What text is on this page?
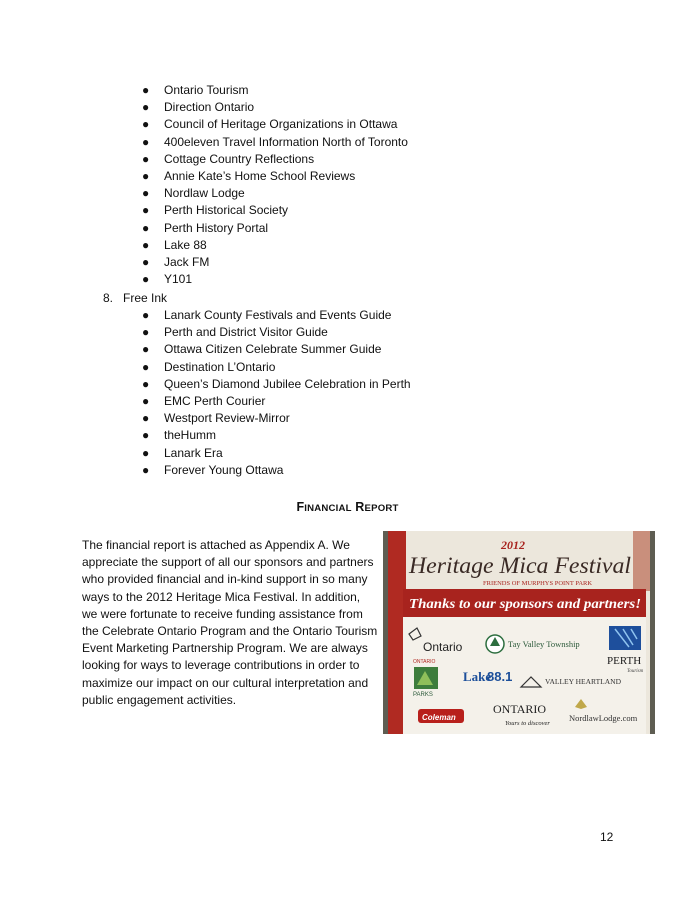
● Ontario Tourism
● Direction Ontario
● Council of Heritage Organizations in Ottawa
● 400eleven Travel Information North of Toronto
● Cottage Country Reflections
● Annie Kate’s Home School Reviews
● Nordlaw Lodge
● Perth Historical Society
● Perth History Portal
● Lake 88
● Jack FM
● Y101
8. Free Ink
● Lanark County Festivals and Events Guide
● Perth and District Visitor Guide
● Ottawa Citizen Celebrate Summer Guide
● Destination L’Ontario
● Queen’s Diamond Jubilee Celebration in Perth
● EMC Perth Courier
● Westport Review-Mirror
● theHumm
● Lanark Era
● Forever Young Ottawa
FINANCIAL REPORT
The financial report is attached as Appendix A. We appreciate the support of all our sponsors and partners who provided financial and in-kind support in so many ways to the 2012 Heritage Mica Festival. In addition, we were fortunate to receive funding assistance from the Celebrate Ontario Program and the Ontario Tourism Event Marketing Partnership Program. We are always looking for ways to leverage contributions in order to maximize our impact on our cultural interpretation and public engagement activities.
2012
Heritage Mica Festival
FRIENDS OF MURPHYS POINT PARK
Thanks to our sponsors and partners!
Ontario	Tay Valley Township
PERTH
Tourism
ONTARIO
PARKS
Lake
88.1	VALLEY HEARTLAND
Coleman
ONTARIO
Yours to discover
NordlawLodge.com
12
